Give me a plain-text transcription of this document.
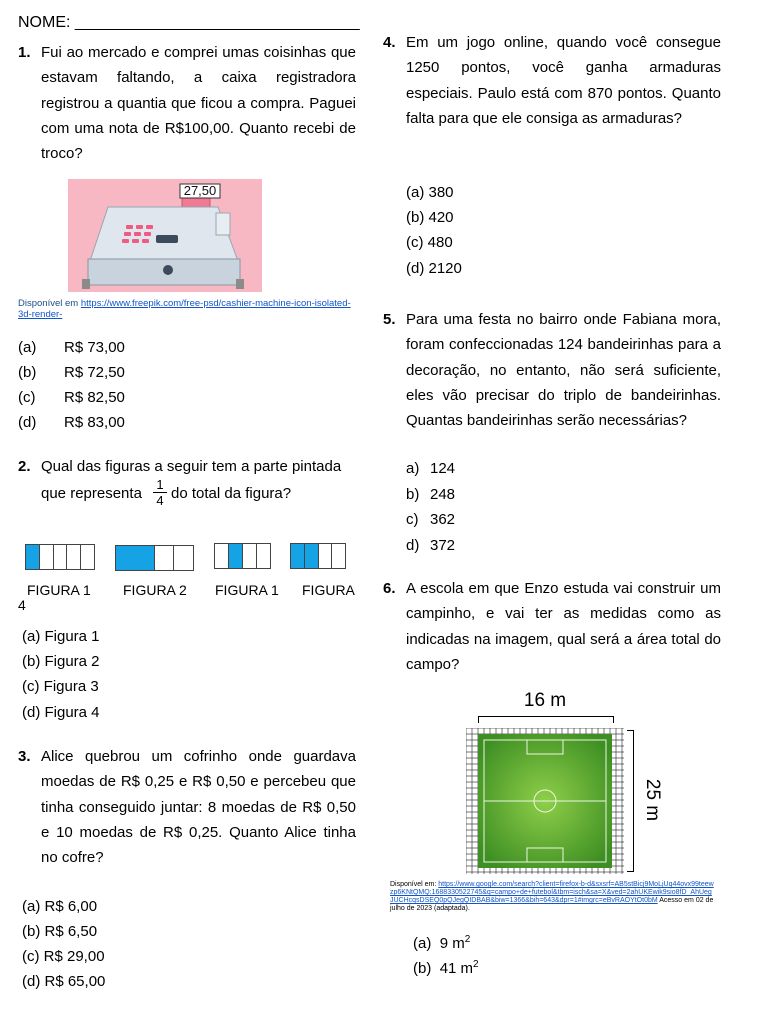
NOME: ________________________________
1. Fui ao mercado e comprei umas coisinhas que estavam faltando, a caixa registradora registrou a quantia que ficou a compra. Paguei com uma nota de R$100,00. Quanto recebi de troco?
27,50
Disponível em https://www.freepik.com/free-psd/cashier-machine-icon-isolated-3d-render-
(a) R$ 73,00
(b) R$ 72,50
(c) R$ 82,50
(d) R$ 83,00
2. Qual das figuras a seguir tem a parte pintada
que representa $\frac{1}{4}$ do total da figura?
FIGURA 1 FIGURA 2 FIGURA 1 FIGURA
4
(a) Figura 1
(b) Figura 2
(c) Figura 3
(d) Figura 4
3. Alice quebrou um cofrinho onde guardava moedas de R$ 0,25 e R$ 0,50 e percebeu que tinha conseguido juntar: 8 moedas de R$ 0,50 e 10 moedas de R$ 0,25. Quanto Alice tinha no cofre?
(a) R$ 6,00
(b) R$ 6,50
(c) R$ 29,00
(d) R$ 65,00
4. Em um jogo online, quando você consegue 1250 pontos, você ganha armaduras especiais. Paulo está com 870 pontos. Quanto falta para que ele consiga as armaduras?
(a) 380
(b) 420
(c) 480
(d) 2120
5. Para uma festa no bairro onde Fabiana mora, foram confeccionadas 124 bandeirinhas para a decoração, no entanto, não será suficiente, eles vão precisar do triplo de bandeirinhas. Quantas bandeirinhas serão necessárias?
a) 124
b) 248
c) 362
d) 372
6. A escola em que Enzo estuda vai construir um campinho, e vai ter as medidas como as indicadas na imagem, qual será a área total do campo?
16 m
25 m
Disponível em: https://www.google.com/search?client=firefox-b-d&sxsrf=AB5stBicj9MoLjUq44ovx99teewzp6KNtQMQ:1688330522745&q=campo+de+futebol&tbm=isch&sa=X&ved=2ahUKEwik9sio8fD_AhUegJUCHcqsDSEQ0pQJegQIDBAB&biw=1366&bih=643&dpr=1#imgrc=eBvRAOYtOt0bM Acesso em 02 de julho de 2023 (adaptada).
(a) 9 $m^2$
(b) 41 $m^2$
